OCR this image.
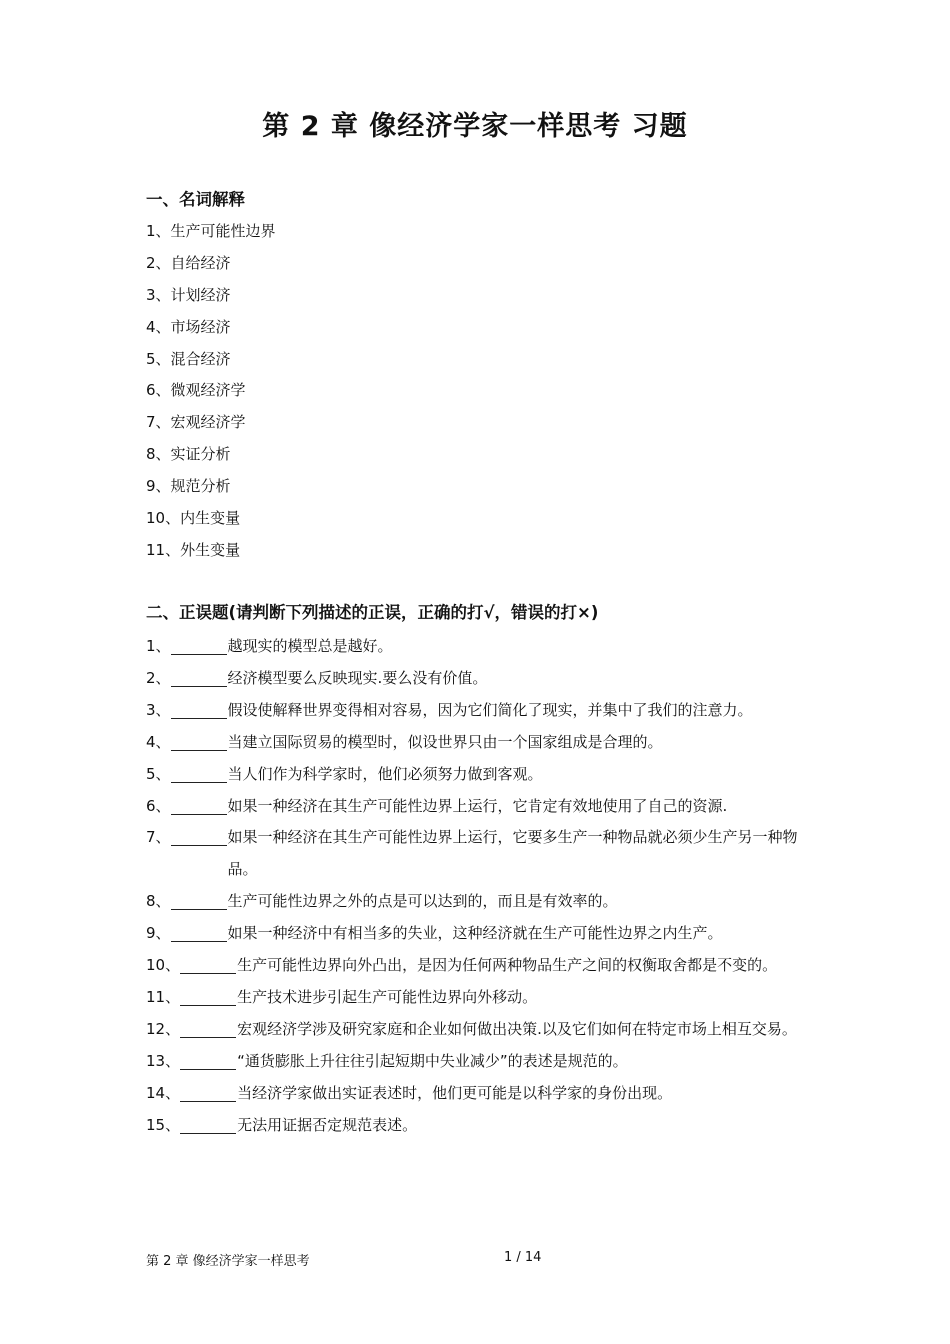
第 2 章 像经济学家一样思考 习题
一、名词解释
1、生产可能性边界
2、自给经济
3、计划经济
4、市场经济
5、混合经济
6、微观经济学
7、宏观经济学
8、实证分析
9、规范分析
10、内生变量
11、外生变量
二、正误题(请判断下列描述的正误，正确的打√，错误的打×)
1、	越现实的模型总是越好。
2、	经济模型要么反映现实.要么没有价值。
3、	假设使解释世界变得相对容易，因为它们简化了现实，并集中了我们的注意力。
4、	当建立国际贸易的模型时，似设世界只由一个国家组成是合理的。
5、	当人们作为科学家时，他们必须努力做到客观。
6、	如果一种经济在其生产可能性边界上运行，它肯定有效地使用了自己的资源.
7、	如果一种经济在其生产可能性边界上运行，它要多生产一种物品就必须少生产另一种物品。
8、	生产可能性边界之外的点是可以达到的，而且是有效率的。
9、	如果一种经济中有相当多的失业，这种经济就在生产可能性边界之内生产。
10、	生产可能性边界向外凸出，是因为任何两种物品生产之间的权衡取舍都是不变的。
11、	生产技术进步引起生产可能性边界向外移动。
12、	宏观经济学涉及研究家庭和企业如何做出决策.以及它们如何在特定市场上相互交易。
13、	“通货膨胀上升往往引起短期中失业减少”的表述是规范的。
14、	当经济学家做出实证表述时，他们更可能是以科学家的身份出现。
15、	无法用证据否定规范表述。
第 2 章 像经济学家一样思考	1 / 14
